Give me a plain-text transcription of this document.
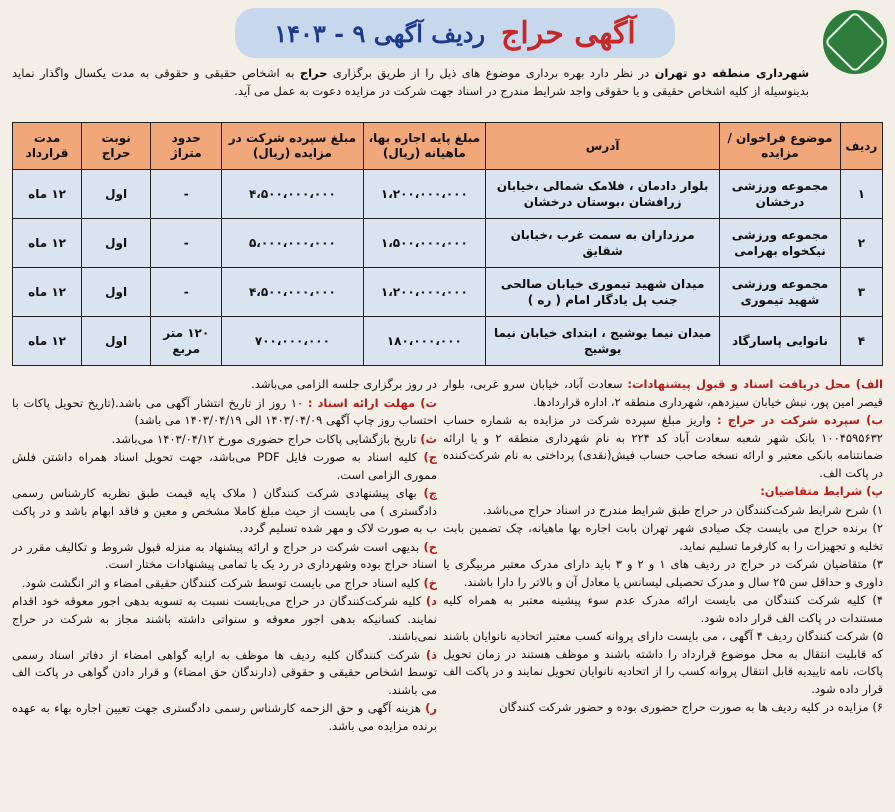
آگهی حراج
ردیف آگهی ۹ - ۱۴۰۳
شهرداری منطقه دو تهران در نظر دارد بهره برداری موضوع های ذیل را از طریق برگزاری حراج به اشخاص حقیقی و حقوقی به مدت یکسال واگذار نماید بدینوسیله از کلیه اشخاص حقیقی و یا حقوقی واجد شرایط مندرج در اسناد جهت شرکت در مزایده دعوت به عمل می آید.
ردیف	موضوع فراخوان / مزایده	آدرس	مبلغ پایه اجاره بها، ماهیانه (ریال)	مبلغ سپرده شرکت در مزایده (ریال)	حدود متراژ	نوبت حراج	مدت قرارداد
۱	مجموعه ورزشی درخشان	بلوار دادمان ، فلامک شمالی ،خیابان زرافشان ،بوستان درخشان	۱،۲۰۰،۰۰۰،۰۰۰	۴،۵۰۰،۰۰۰،۰۰۰	-	اول	۱۲ ماه
۲	مجموعه ورزشی نیکخواه بهرامی	مرزداران به سمت غرب ،خیابان شقایق	۱،۵۰۰،۰۰۰،۰۰۰	۵،۰۰۰،۰۰۰،۰۰۰	-	اول	۱۲ ماه
۳	مجموعه ورزشی شهید تیموری	میدان شهید تیموری خیابان صالحی جنب پل یادگار امام ( ره )	۱،۲۰۰،۰۰۰،۰۰۰	۴،۵۰۰،۰۰۰،۰۰۰	-	اول	۱۲ ماه
۴	نانوایی پاسارگاد	میدان نیما یوشیج ، ابتدای خیابان نیما یوشیج	۱۸۰،۰۰۰،۰۰۰	۷۰۰،۰۰۰،۰۰۰	۱۲۰ متر مربع	اول	۱۲ ماه

الف) محل دریافت اسناد و قبول پیشنهادات: سعادت آباد، خیابان سرو غربی، بلوار قیصر امین پور، نبش خیابان سیزدهم، شهرداری منطقه ۲، اداره قراردادها.

ب) سپرده شرکت در حراج : واریز مبلغ سپرده شرکت در مزایده به شماره حساب ۱۰۰۴۵۹۵۶۳۲ بانک شهر شعبه سعادت آباد کد ۲۲۴ به نام شهرداری منطقه ۲ و یا ارائه ضمانتنامه بانکی معتبر و ارائه نسخه صاحب حساب فیش(نقدی) پرداختی به نام شرکت‌کننده در پاکت الف.

پ) شرایط متقاضیان:

۱) شرح شرایط شرکت‌کنندگان در حراج طبق شرایط مندرج در اسناد حراج می‌باشد.

۲) برنده حراج می بایست چک صیادی شهر تهران بابت اجاره بها ماهیانه، چک تضمین بابت تخلیه و تجهیزات را به کارفرما تسلیم نماید.

۳) متقاضیان شرکت در حراج در ردیف های ۱ و ۲ و ۳ باید دارای مدرک معتبر مربیگری یا داوری و حداقل سن ۲۵ سال و مدرک تحصیلی لیسانس یا معادل آن و بالاتر را دارا باشند.

۴) کلیه شرکت کنندگان می بایست ارائه مدرک عدم سوء پیشینه معتبر به همراه کلیه مستندات در پاکت الف قرار داده شود.

۵) شرکت کنندگان ردیف ۴ آگهی ، می بایست دارای پروانه کسب معتبر اتحادیه نانوایان باشند که قابلیت انتقال به محل موضوع قرارداد را داشته باشند و موظف هستند در زمان تحویل پاکات، نامه تاییدیه قابل انتقال پروانه کسب را از اتحادیه نانوایان تحویل نمایند و در پاکت الف قرار داده شود.

۶) مزایده در کلیه ردیف ها به صورت حراج حضوری بوده و حضور شرکت کنندگان

در روز برگزاری جلسه الزامی می‌باشد.

ت) مهلت ارائه اسناد : ۱۰ روز از تاریخ انتشار آگهی می باشد.(تاریخ تحویل پاکات با احتساب روز چاپ آگهی ۱۴۰۳/۰۴/۰۹ الی ۱۴۰۳/۰۴/۱۹ می باشد)

ث) تاریخ بازگشایی پاکات حراج حضوری مورخ ۱۴۰۳/۰۴/۱۲ می‌باشد.

ج) کلیه اسناد به صورت فایل PDF می‌باشد، جهت تحویل اسناد همراه داشتن فلش مموری الزامی است.

چ) بهای پیشنهادی شرکت کنندگان ( ملاک پایه قیمت طبق نظریه کارشناس رسمی دادگستری ) می بایست از حیث مبلغ کاملا مشخص و معین و فاقد ابهام باشد و در پاکت ب به صورت لاک و مهر شده تسلیم گردد.

ح) بدیهی است شرکت در حراج و ارائه پیشنهاد به منزله قبول شروط و تکالیف مقرر در اسناد حراج بوده وشهرداری در رد یک یا تمامی پیشنهادات مختار است.

خ) کلیه اسناد حراج می بایست توسط شرکت کنندگان حقیقی امضاء و اثر انگشت شود.

د) کلیه شرکت‌کنندگان در حراج می‌بایست نسبت به تسویه بدهی اجور معوقه خود اقدام نمایند. کسانیکه بدهی اجور معوقه و سنواتی داشته باشند مجاز به شرکت در حراج نمی‌باشند.

ذ) شرکت کنندگان کلیه ردیف ها موظف به ارایه گواهی امضاء از دفاتر اسناد رسمی توسط اشخاص حقیقی و حقوقی (دارندگان حق امضاء) و قرار دادن گواهی در پاکت الف می باشند.

ر) هزینه آگهی و حق الزحمه کارشناس رسمی دادگستری جهت تعیین اجاره بهاء به عهده برنده مزایده می باشد.
